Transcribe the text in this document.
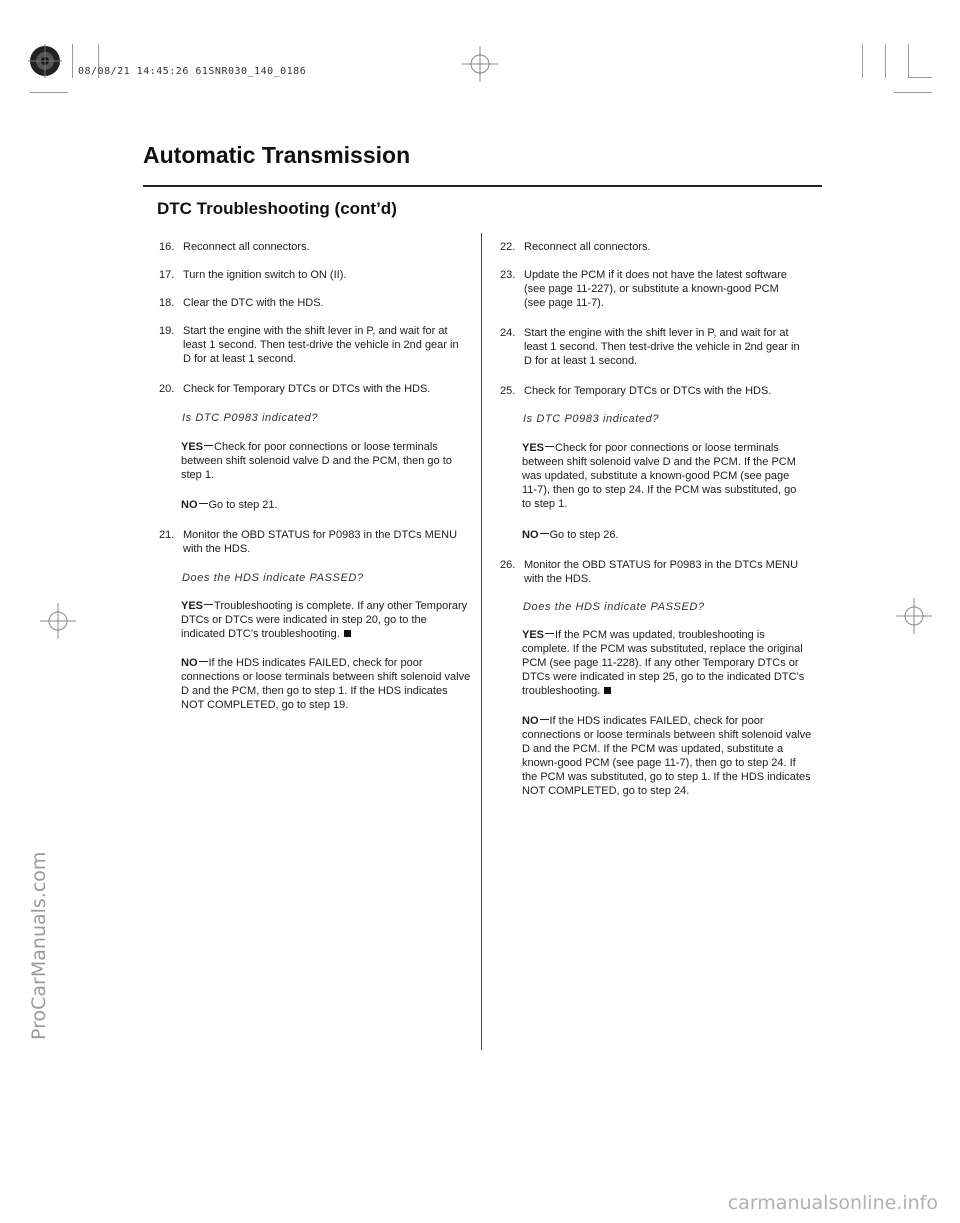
08/08/21 14:45:26 61SNR030_140_0186
ProCarManuals.com
carmanualsonline.info
Automatic Transmission
DTC Troubleshooting (cont’d)
16. Reconnect all connectors.
17. Turn the ignition switch to ON (II).
18. Clear the DTC with the HDS.
19. Start the engine with the shift lever in P, and wait for at least 1 second. Then test-drive the vehicle in 2nd gear in D for at least 1 second.
20. Check for Temporary DTCs or DTCs with the HDS.
Is DTC P0983 indicated?
YES Check for poor connections or loose terminals between shift solenoid valve D and the PCM, then go to step 1.
NO Go to step 21.
21. Monitor the OBD STATUS for P0983 in the DTCs MENU with the HDS.
Does the HDS indicate PASSED?
YES Troubleshooting is complete. If any other Temporary DTCs or DTCs were indicated in step 20, go to the indicated DTC’s troubleshooting.
NO If the HDS indicates FAILED, check for poor connections or loose terminals between shift solenoid valve D and the PCM, then go to step 1. If the HDS indicates NOT COMPLETED, go to step 19.
22. Reconnect all connectors.
23. Update the PCM if it does not have the latest software (see page 11-227), or substitute a known-good PCM (see page 11-7).
24. Start the engine with the shift lever in P, and wait for at least 1 second. Then test-drive the vehicle in 2nd gear in D for at least 1 second.
25. Check for Temporary DTCs or DTCs with the HDS.
Is DTC P0983 indicated?
YES Check for poor connections or loose terminals between shift solenoid valve D and the PCM. If the PCM was updated, substitute a known-good PCM (see page 11-7), then go to step 24. If the PCM was substituted, go to step 1.
NO Go to step 26.
26. Monitor the OBD STATUS for P0983 in the DTCs MENU with the HDS.
Does the HDS indicate PASSED?
YES If the PCM was updated, troubleshooting is complete. If the PCM was substituted, replace the original PCM (see page 11-228). If any other Temporary DTCs or DTCs were indicated in step 25, go to the indicated DTC’s troubleshooting.
NO If the HDS indicates FAILED, check for poor connections or loose terminals between shift solenoid valve D and the PCM. If the PCM was updated, substitute a known-good PCM (see page 11-7), then go to step 24. If the PCM was substituted, go to step 1. If the HDS indicates NOT COMPLETED, go to step 24.
